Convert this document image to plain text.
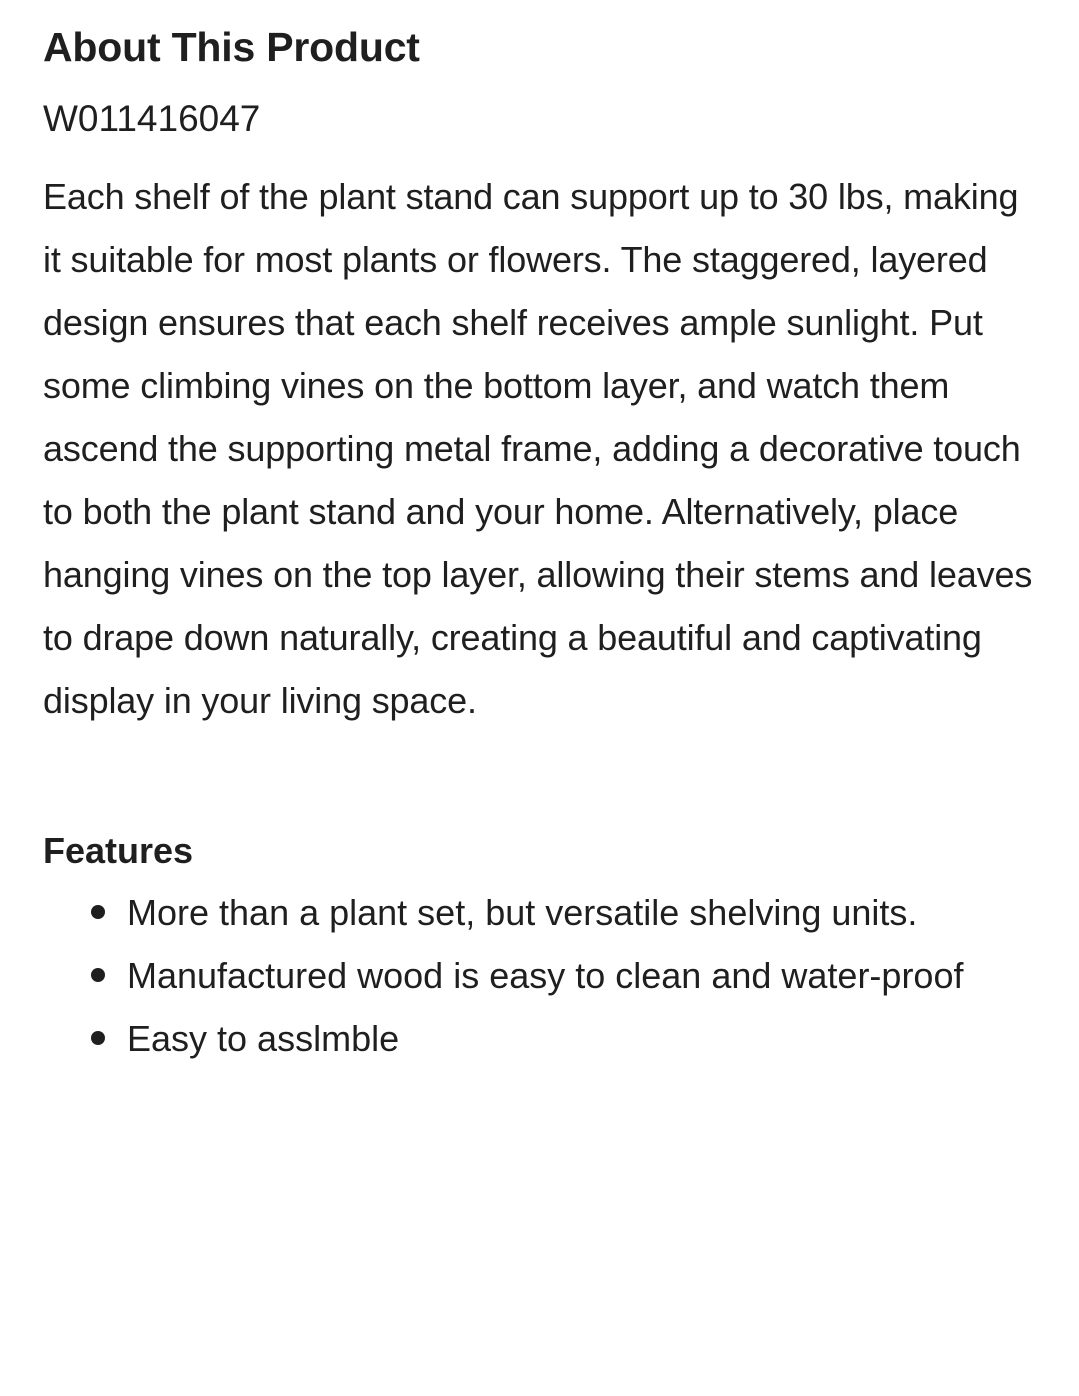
About This Product

W011416047

Each shelf of the plant stand can support up to 30 lbs, making it suitable for most plants or flowers. The staggered, layered design ensures that each shelf receives ample sunlight. Put some climbing vines on the bottom layer, and watch them ascend the supporting metal frame, adding a decorative touch to both the plant stand and your home. Alternatively, place hanging vines on the top layer, allowing their stems and leaves to drape down naturally, creating a beautiful and captivating display in your living space.

Features
More than a plant set, but versatile shelving units.
Manufactured wood is easy to clean and water-proof
Easy to asslmble
